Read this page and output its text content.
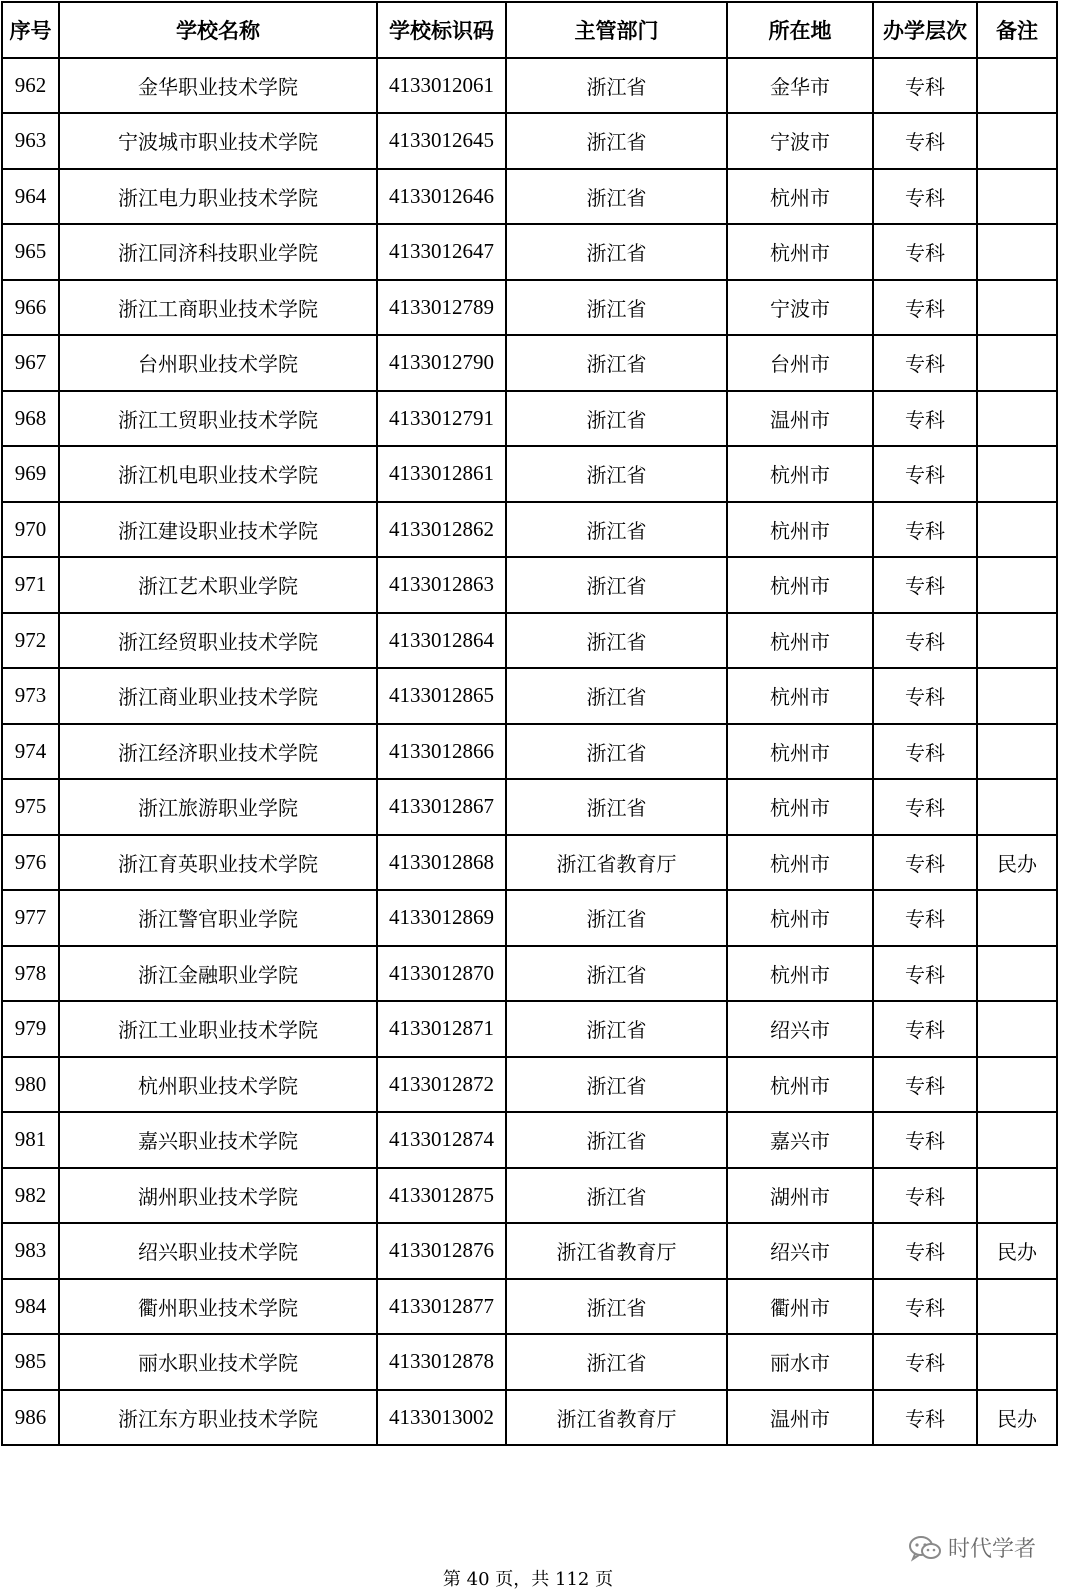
序号	学校名称	学校标识码	主管部门	所在地	办学层次	备注
962	金华职业技术学院	4133012061	浙江省	金华市	专科	
963	宁波城市职业技术学院	4133012645	浙江省	宁波市	专科	
964	浙江电力职业技术学院	4133012646	浙江省	杭州市	专科	
965	浙江同济科技职业学院	4133012647	浙江省	杭州市	专科	
966	浙江工商职业技术学院	4133012789	浙江省	宁波市	专科	
967	台州职业技术学院	4133012790	浙江省	台州市	专科	
968	浙江工贸职业技术学院	4133012791	浙江省	温州市	专科	
969	浙江机电职业技术学院	4133012861	浙江省	杭州市	专科	
970	浙江建设职业技术学院	4133012862	浙江省	杭州市	专科	
971	浙江艺术职业学院	4133012863	浙江省	杭州市	专科	
972	浙江经贸职业技术学院	4133012864	浙江省	杭州市	专科	
973	浙江商业职业技术学院	4133012865	浙江省	杭州市	专科	
974	浙江经济职业技术学院	4133012866	浙江省	杭州市	专科	
975	浙江旅游职业学院	4133012867	浙江省	杭州市	专科	
976	浙江育英职业技术学院	4133012868	浙江省教育厅	杭州市	专科	民办
977	浙江警官职业学院	4133012869	浙江省	杭州市	专科	
978	浙江金融职业学院	4133012870	浙江省	杭州市	专科	
979	浙江工业职业技术学院	4133012871	浙江省	绍兴市	专科	
980	杭州职业技术学院	4133012872	浙江省	杭州市	专科	
981	嘉兴职业技术学院	4133012874	浙江省	嘉兴市	专科	
982	湖州职业技术学院	4133012875	浙江省	湖州市	专科	
983	绍兴职业技术学院	4133012876	浙江省教育厅	绍兴市	专科	民办
984	衢州职业技术学院	4133012877	浙江省	衢州市	专科	
985	丽水职业技术学院	4133012878	浙江省	丽水市	专科	
986	浙江东方职业技术学院	4133013002	浙江省教育厅	温州市	专科	民办
时代学者
第 40 页，共 112 页
